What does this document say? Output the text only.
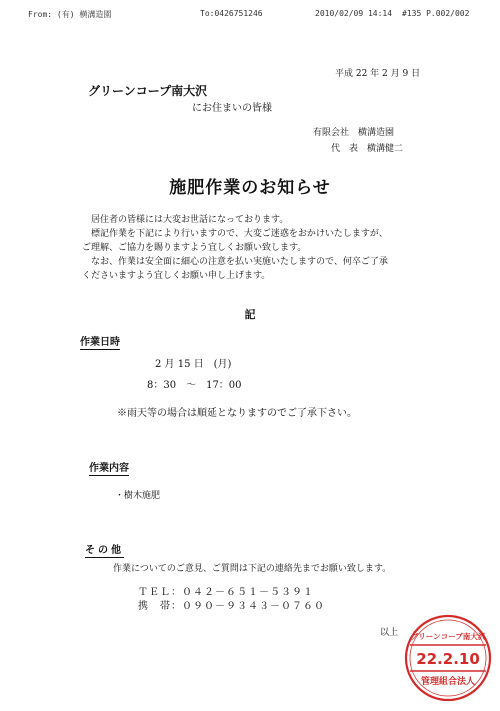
From: (有) 横溝造園	To:0426751246	2010/02/09 14:14 #135 P.002/002
平成 22 年 2 月 9 日
グリーンコープ南大沢
にお住まいの皆様
有限会社　横溝造園
代　表　横溝健二
施肥作業のお知らせ
　居住者の皆様には大変お世話になっております。
　標記作業を下記により行いますので、大変ご迷惑をおかけいたしますが、
ご理解、ご協力を賜りますよう宜しくお願い致します。
　なお、作業は安全面に細心の注意を払い実施いたしますので、何卒ご了承
くださいますよう宜しくお願い申し上げます。
記
作業日時
2 月 15 日　(月)
8：30　～　17：00
※雨天等の場合は順延となりますのでご了承下さい。
作業内容
・樹木施肥
その他
作業についてのご意見、ご質問は下記の連絡先までお願い致します。
ＴＥＬ：０４２－６５１－５３９１
携　帯：０９０－９３４３－０７６０
以上 グリーンコープ南大沢
22.2.10
管理組合法人
